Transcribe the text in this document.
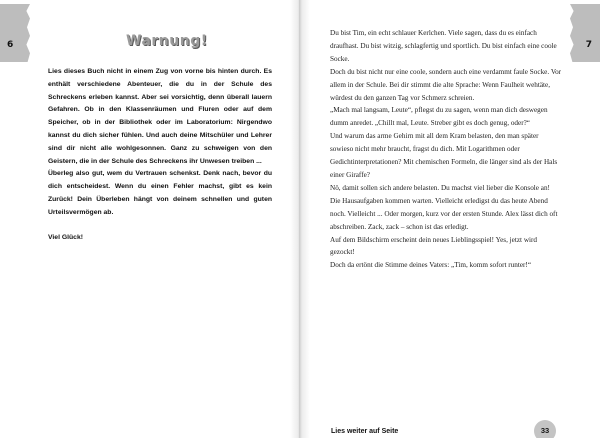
6	Warnung!

Lies dieses Buch nicht in einem Zug von vorne bis hinten durch. Es enthält verschiedene Abenteuer, die du in der Schule des Schreckens erleben kannst. Aber sei vorsichtig, denn überall lauern Gefahren. Ob in den Klassenräumen und Fluren oder auf dem Speicher, ob in der Bibliothek oder im Laboratorium: Nirgendwo kannst du dich sicher fühlen. Und auch deine Mitschüler und Lehrer sind dir nicht alle wohlgesonnen. Ganz zu schweigen von den Geistern, die in der Schule des Schreckens ihr Unwesen treiben ...

Überleg also gut, wem du Vertrauen schenkst. Denk nach, bevor du dich entscheidest. Wenn du einen Fehler machst, gibt es kein Zurück! Dein Überleben hängt von deinem schnellen und guten Urteilsvermögen ab.

Viel Glück!

7

Du bist Tim, ein echt schlauer Kerlchen. Viele sagen, dass du es einfach draufhast. Du bist witzig, schlagfertig und sportlich. Du bist einfach eine coole Socke.

Doch du bist nicht nur eine coole, sondern auch eine verdammt faule Socke. Vor allem in der Schule. Bei dir stimmt die alte Sprache: Wenn Faulheit wehtäte, würdest du den ganzen Tag vor Schmerz schreien.

„Mach mal langsam, Leute“, pflegst du zu sagen, wenn man dich deswegen dumm anredet. „Chillt mal, Leute. Streber gibt es doch genug, oder?“

Und warum das arme Gehirn mit all dem Kram belasten, den man später sowieso nicht mehr braucht, fragst du dich. Mit Logarithmen oder Gedichtinterpretationen? Mit chemischen Formeln, die länger sind als der Hals einer Giraffe?

Nö, damit sollen sich andere belasten. Du machst viel lieber die Konsole an! Die Hausaufgaben kommen warten. Vielleicht erledigst du das heute Abend noch. Vielleicht ... Oder morgen, kurz vor der ersten Stunde. Alex lässt dich oft abschreiben. Zack, zack – schon ist das erledigt.

Auf dem Bildschirm erscheint dein neues Lieblingsspiel! Yes, jetzt wird gezockt!

Doch da ertönt die Stimme deines Vaters: „Tim, komm sofort runter!“

Lies weiter auf Seite	33
